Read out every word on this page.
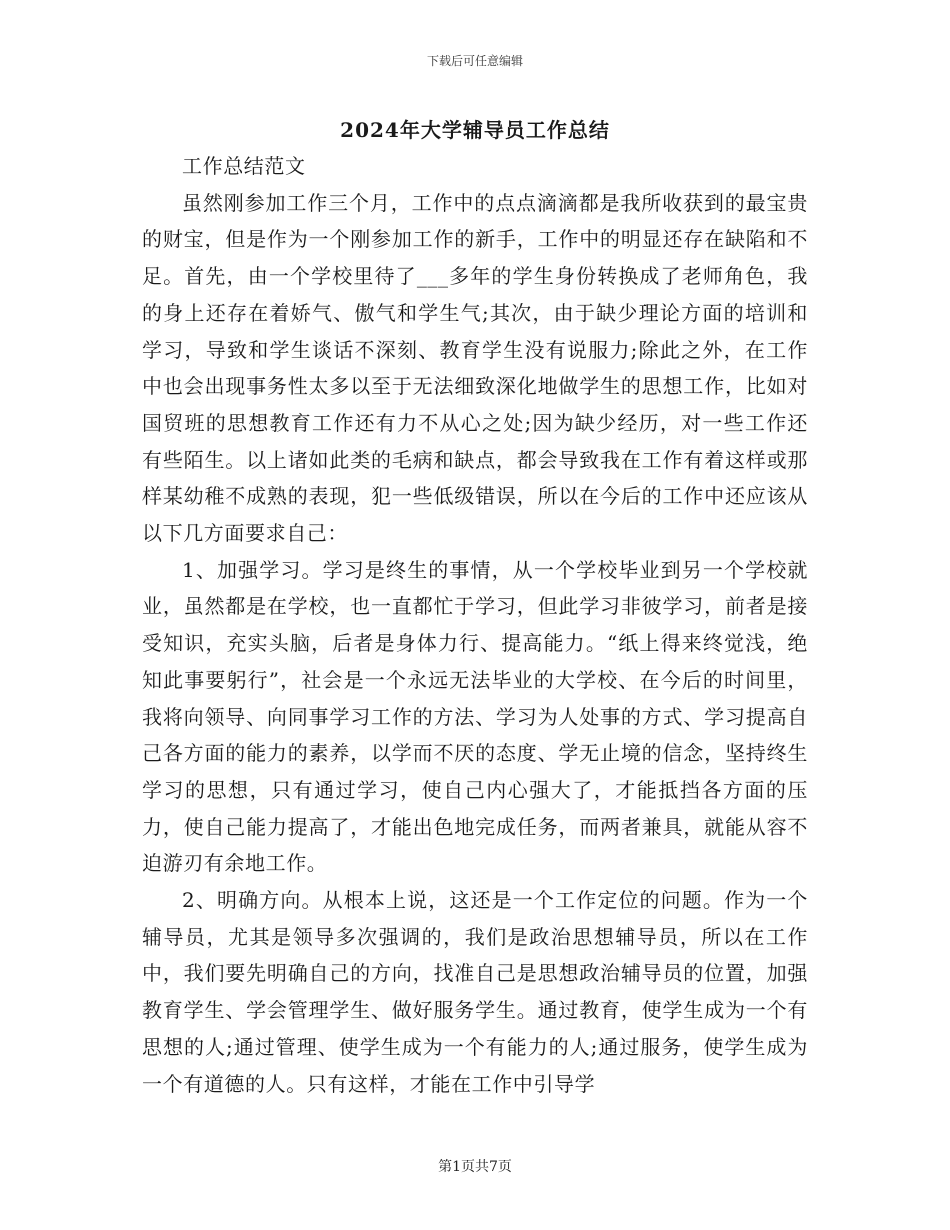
下载后可任意编辑
2024年大学辅导员工作总结

工作总结范文

虽然刚参加工作三个月，工作中的点点滴滴都是我所收获到的最宝贵的财宝，但是作为一个刚参加工作的新手，工作中的明显还存在缺陷和不足。首先，由一个学校里待了___多年的学生身份转换成了老师角色，我的身上还存在着娇气、傲气和学生气;其次，由于缺少理论方面的培训和学习，导致和学生谈话不深刻、教育学生没有说服力;除此之外，在工作中也会出现事务性太多以至于无法细致深化地做学生的思想工作，比如对国贸班的思想教育工作还有力不从心之处;因为缺少经历，对一些工作还有些陌生。以上诸如此类的毛病和缺点，都会导致我在工作有着这样或那样某幼稚不成熟的表现，犯一些低级错误，所以在今后的工作中还应该从以下几方面要求自己：

1、加强学习。学习是终生的事情，从一个学校毕业到另一个学校就业，虽然都是在学校，也一直都忙于学习，但此学习非彼学习，前者是接受知识，充实头脑，后者是身体力行、提高能力。“纸上得来终觉浅，绝知此事要躬行”，社会是一个永远无法毕业的大学校、在今后的时间里，我将向领导、向同事学习工作的方法、学习为人处事的方式、学习提高自己各方面的能力的素养，以学而不厌的态度、学无止境的信念，坚持终生学习的思想，只有通过学习，使自己内心强大了，才能抵挡各方面的压力，使自己能力提高了，才能出色地完成任务，而两者兼具，就能从容不迫游刃有余地工作。

2、明确方向。从根本上说，这还是一个工作定位的问题。作为一个辅导员，尤其是领导多次强调的，我们是政治思想辅导员，所以在工作中，我们要先明确自己的方向，找准自己是思想政治辅导员的位置，加强教育学生、学会管理学生、做好服务学生。通过教育，使学生成为一个有思想的人;通过管理、使学生成为一个有能力的人;通过服务，使学生成为一个有道德的人。只有这样，才能在工作中引导学

第1页共7页
